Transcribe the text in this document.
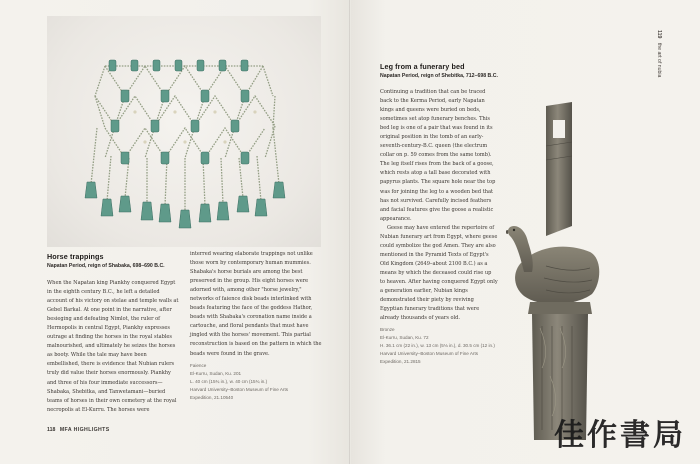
Horse trappings
Napatan Period, reign of Shabaka, 698–690 B.C.

When the Napatan king Piankhy conquered Egypt in the eighth century B.C., he left a detailed account of his victory on stelae and temple walls at Gebel Barkal. At one point in the narrative, after besieging and defeating Nimlot, the ruler of Hermopolis in central Egypt, Piankhy expresses outrage at finding the horses in the royal stables malnourished, and ultimately he seizes the horses as booty. While the tale may have been embellished, there is evidence that Nubian rulers truly did value their horses enormously. Piankhy and three of his four immediate successors—Shabaka, Shebitka, and Tanwetamani—buried teams of horses in their own cemetery at the royal necropolis at El-Kurru. The horses were

interred wearing elaborate trappings not unlike those worn by contemporary human mummies. Shabaka's horse burials are among the best preserved in the group. His eight horses were adorned with, among other "horse jewelry," networks of faience disk beads interlinked with beads featuring the face of the goddess Hathor, beads with Shabaka's coronation name inside a cartouche, and floral pendants that must have jingled with the horses' movement. This partial reconstruction is based on the pattern in which the beads were found in the grave.

Faience
El-Kurru, Sudan, Ku. 201
L. 40 cm (15¾ in.), w. 40 cm (15¾ in.)
Harvard University–Boston Museum of Fine Arts
Expedition, 21.10540
118 MFA HIGHLIGHTS
Leg from a funerary bed
Napatan Period, reign of Shebitka, 712–698 B.C.

Continuing a tradition that can be traced back to the Kerma Period, early Napatan kings and queens were buried on beds, sometimes set atop funerary benches. This bed leg is one of a pair that was found in its original position in the tomb of an early-seventh-century-B.C. queen (the electrum collar on p. 59 comes from the same tomb). The leg itself rises from the back of a goose, which rests atop a tall base decorated with papyrus plants. The square hole near the top was for joining the leg to a wooden bed that has not survived. Carefully incised feathers and facial features give the goose a realistic appearance.

Geese may have entered the repertoire of Nubian funerary art from Egypt, where geese could symbolize the god Amen. They are also mentioned in the Pyramid Texts of Egypt's Old Kingdom (2649–about 2100 B.C.) as a means by which the deceased could rise up to heaven. After having conquered Egypt only a generation earlier, Nubian kings demonstrated their piety by reviving Egyptian funerary traditions that were already thousands of years old.

Bronze
El-Kurru, Sudan, Ku. 72
H. 36.1 cm (22 in.), w. 13 cm (5⅛ in.), d. 30.5 cm (12 in.)
Harvard University–Boston Museum of Fine Arts
Expedition, 21.2815
119 the art of nubia
佳作書局
